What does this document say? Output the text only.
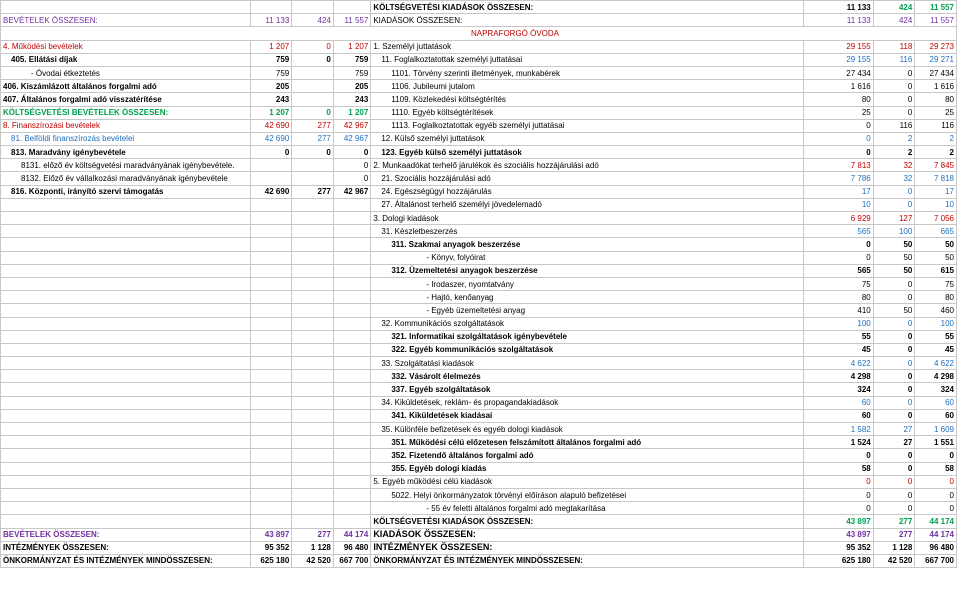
				KÖLTSÉGVETÉSI KIADÁSOK ÖSSZESEN:	11 133	424	11 557
BEVÉTELEK ÖSSZESEN:	11 133	424	11 557	KIADÁSOK ÖSSZESEN:	11 133	424	11 557
NAPRAFORGÓ ÓVODA							
4. Működési bevételek	1 207	0	1 207	1. Személyi juttatások	29 155	118	29 273
405. Ellátási díjak	759	0	759	11. Foglalkoztatottak személyi juttatásai	29 155	116	29 271
- Óvodai étkeztetés	759		759	1101. Törvény szerinti illetmények, munkabérek	27 434	0	27 434
406. Kiszámlázott általános forgalmi adó	205		205	1106. Jubileumi jutalom	1 616	0	1 616
407. Általános forgalmi adó visszatérítése	243		243	1109. Közlekedési költségtérítés	80	0	80
KÖLTSÉGVETÉSI BEVÉTELEK ÖSSZESEN:	1 207	0	1 207	1110. Egyéb költségtérítések	25	0	25
8. Finanszírozási bevételek	42 690	277	42 967	1113. Foglalkoztatottak egyéb személyi juttatásai	0	116	116
81. Belföldi finanszírozás bevételei	42 690	277	42 967	12. Külső személyi juttatások	0	2	2
813. Maradvány igénybevétele	0	0	0	123. Egyéb külső személyi juttatások	0	2	2
8131. előző év költségvetési maradványának igénybevétele.			0	2. Munkaadókat terhelő járulékok és szociális hozzájárulási adó	7 813	32	7 845
8132. Előző év vállalkozási maradványának igénybevétele			0	21. Szociális hozzájárulási adó	7 786	32	7 818
816. Központi, irányító szervi támogatás	42 690	277	42 967	24. Egészségügyi hozzájárulás	17	0	17
				27. Általánost terhelő személyi jövedelemadó	10	0	10
				3. Dologi kiadások	6 929	127	7 056
				31. Készletbeszerzés	565	100	665
				311. Szakmai anyagok beszerzése	0	50	50
				- Könyv, folyóirat	0	50	50
				312. Üzemeltetési anyagok beszerzése	565	50	615
				- Irodaszer, nyomtatvány	75	0	75
				- Hajtó, kenőanyag	80	0	80
				- Egyéb üzemeltetési anyag	410	50	460
				32. Kommunikációs szolgáltatások	100	0	100
				321. Informatikai szolgáltatások igénybevétele	55	0	55
				322. Egyéb kommunikációs szolgáltatások	45	0	45
				33. Szolgáltatási kiadások	4 622	0	4 622
				332. Vásárolt élelmezés	4 298	0	4 298
				337. Egyéb szolgáltatások	324	0	324
				34. Kiküldetések, reklám- és propagandakiadások	60	0	60
				341. Kiküldetések kiadásai	60	0	60
				35. Különféle befizetések és egyéb dologi kiadások	1 582	27	1 609
				351. Működési célú előzetesen felszámított általános forgalmi adó	1 524	27	1 551
				352. Fizetendő általános forgalmi adó	0	0	0
				355. Egyéb dologi kiadás	58	0	58
				5. Egyéb működési célú kiadások	0	0	0
				5022. Helyi önkormányzatok törvényi előíráson alapuló befizetései	0	0	0
				- 55 év feletti általános forgalmi adó megtakarítása	0	0	0
				KÖLTSÉGVETÉSI KIADÁSOK ÖSSZESEN:	43 897	277	44 174
BEVÉTELEK ÖSSZESEN:	43 897	277	44 174	KIADÁSOK ÖSSZESEN:	43 897	277	44 174
INTÉZMÉNYEK ÖSSZESEN:	95 352	1 128	96 480	INTÉZMÉNYEK ÖSSZESEN:	95 352	1 128	96 480
ÖNKORMÁNYZAT ÉS INTÉZMÉNYEK MINDÖSSZESEN:	625 180	42 520	667 700	ÖNKORMÁNYZAT ÉS INTÉZMÉNYEK MINDÖSSZESEN:	625 180	42 520	667 700
